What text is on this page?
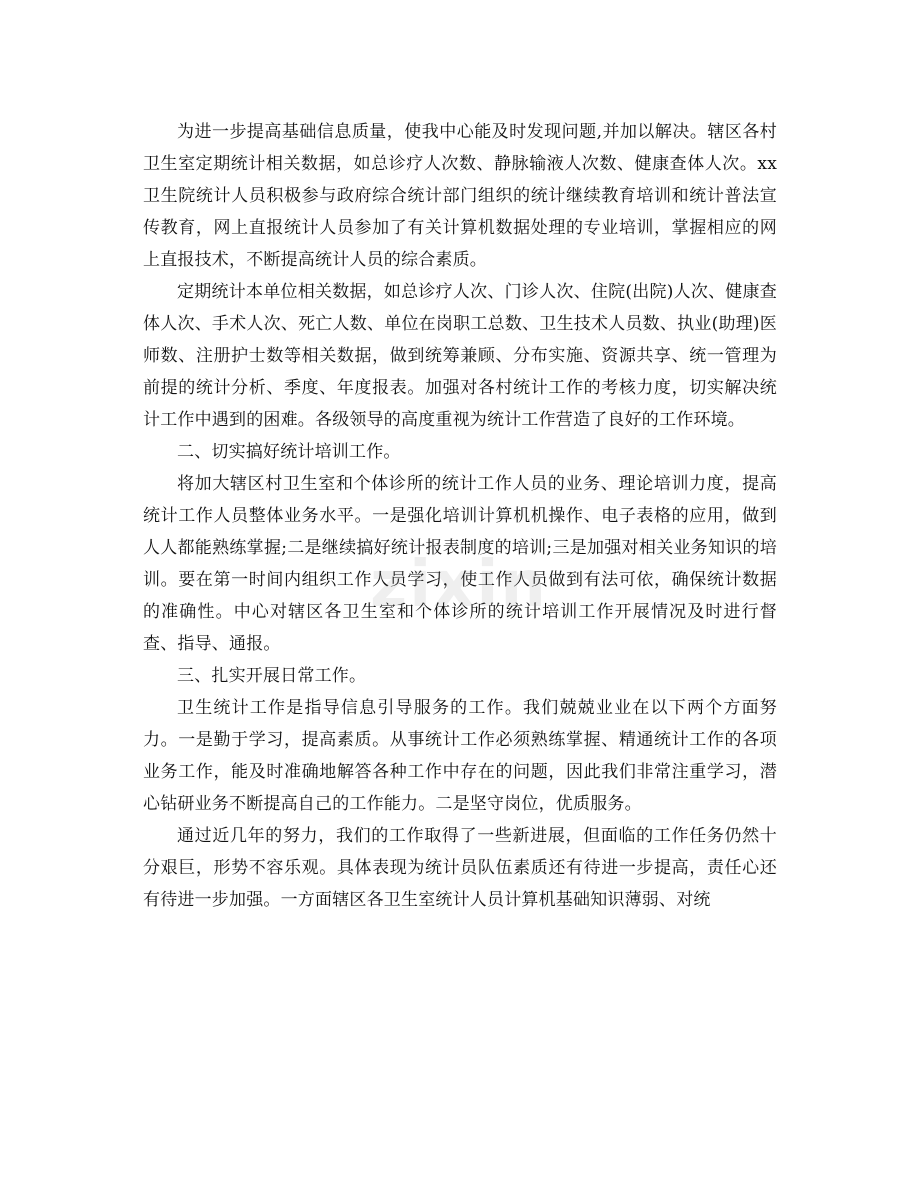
为进一步提高基础信息质量，使我中心能及时发现问题,并加以解决。辖区各村卫生室定期统计相关数据，如总诊疗人次数、静脉输液人次数、健康查体人次。xx卫生院统计人员积极参与政府综合统计部门组织的统计继续教育培训和统计普法宣传教育，网上直报统计人员参加了有关计算机数据处理的专业培训，掌握相应的网上直报技术，不断提高统计人员的综合素质。

定期统计本单位相关数据，如总诊疗人次、门诊人次、住院(出院)人次、健康查体人次、手术人次、死亡人数、单位在岗职工总数、卫生技术人员数、执业(助理)医师数、注册护士数等相关数据，做到统筹兼顾、分布实施、资源共享、统一管理为前提的统计分析、季度、年度报表。加强对各村统计工作的考核力度，切实解决统计工作中遇到的困难。各级领导的高度重视为统计工作营造了良好的工作环境。

二、切实搞好统计培训工作。

将加大辖区村卫生室和个体诊所的统计工作人员的业务、理论培训力度，提高统计工作人员整体业务水平。一是强化培训计算机机操作、电子表格的应用，做到人人都能熟练掌握;二是继续搞好统计报表制度的培训;三是加强对相关业务知识的培训。要在第一时间内组织工作人员学习，使工作人员做到有法可依，确保统计数据的准确性。中心对辖区各卫生室和个体诊所的统计培训工作开展情况及时进行督查、指导、通报。

三、扎实开展日常工作。

卫生统计工作是指导信息引导服务的工作。我们兢兢业业在以下两个方面努力。一是勤于学习，提高素质。从事统计工作必须熟练掌握、精通统计工作的各项业务工作，能及时准确地解答各种工作中存在的问题，因此我们非常注重学习，潜心钻研业务不断提高自己的工作能力。二是坚守岗位，优质服务。

通过近几年的努力，我们的工作取得了一些新进展，但面临的工作任务仍然十分艰巨，形势不容乐观。具体表现为统计员队伍素质还有待进一步提高，责任心还有待进一步加强。一方面辖区各卫生室统计人员计算机基础知识薄弱、对统

zixin
